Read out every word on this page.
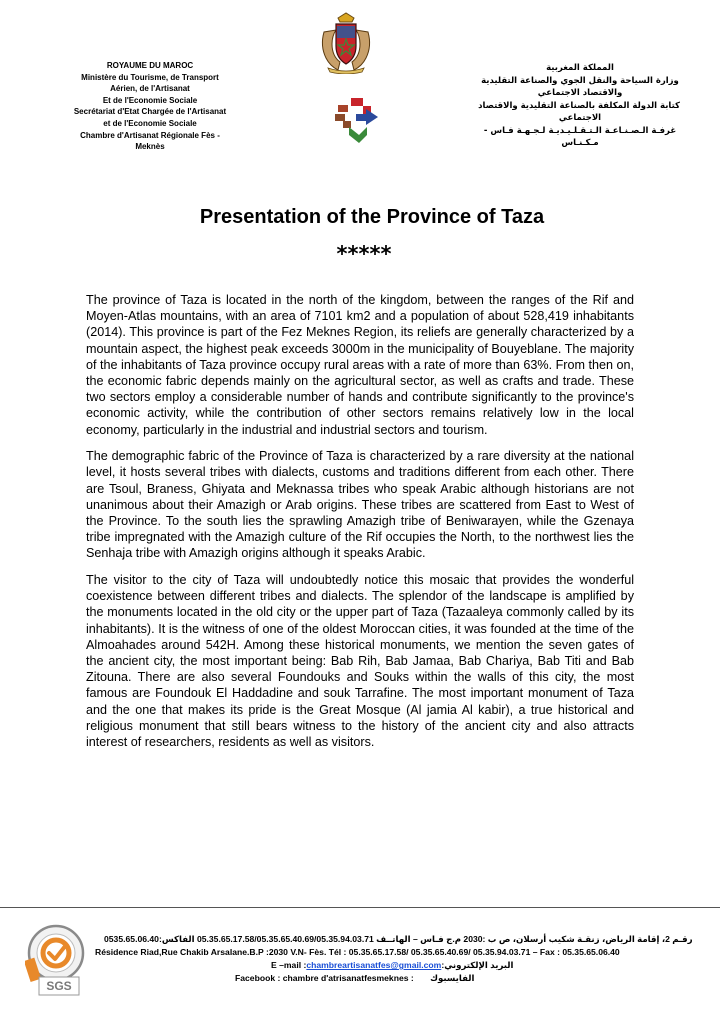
ROYAUME DU MAROC
Ministère du Tourisme, de Transport
Aérien, de l'Artisanat
Et de l'Economie Sociale
Secrétariat d'Etat Chargée de l'Artisanat
et de l'Economie Sociale
Chambre d'Artisanat Régionale Fès -
Meknès
المملكة المغربية
وزارة السياحة والنقل الجوي والصناعة التقليدية
والاقتصاد الاجتماعي
كتابة الدولة المكلفة بالصناعة التقليدية والاقتصاد
الاجتماعي
غرفـة الـصـنـاعـة الـتـقـلـيـديـة لـجـهـة فـاس -
مـكـنـاس
Presentation of the Province of Taza
*****

The province of Taza is located in the north of the kingdom, between the ranges of the Rif and Moyen-Atlas mountains, with an area of 7101 km2 and a population of about 528,419 inhabitants (2014). This province is part of the Fez Meknes Region, its reliefs are generally characterized by a mountain aspect, the highest peak exceeds 3000m in the municipality of Bouyeblane. The majority of the inhabitants of Taza province occupy rural areas with a rate of more than 63%. From then on, the economic fabric depends mainly on the agricultural sector, as well as crafts and trade. These two sectors employ a considerable number of hands and contribute significantly to the province's economic activity, while the contribution of other sectors remains relatively low in the local economy, particularly in the industrial and industrial sectors and tourism.

The demographic fabric of the Province of Taza is characterized by a rare diversity at the national level, it hosts several tribes with dialects, customs and traditions different from each other. There are Tsoul, Braness, Ghiyata and Meknassa tribes who speak Arabic although historians are not unanimous about their Amazigh or Arab origins. These tribes are scattered from East to West of the Province. To the south lies the sprawling Amazigh tribe of Beniwarayen, while the Gzenaya tribe impregnated with the Amazigh culture of the Rif occupies the North, to the northwest lies the Senhaja tribe with Amazigh origins although it speaks Arabic.

The visitor to the city of Taza will undoubtedly notice this mosaic that provides the wonderful coexistence between different tribes and dialects. The splendor of the landscape is amplified by the monuments located in the old city or the upper part of Taza (Tazaaleya commonly called by its inhabitants). It is the witness of one of the oldest Moroccan cities, it was founded at the time of the Almoahades around 542H. Among these historical monuments, we mention the seven gates of the ancient city, the most important being: Bab Rih, Bab Jamaa, Bab Chariya, Bab Titi and Bab Zitouna. There are also several Foundouks and Souks within the walls of this city, the most famous are Foundouk El Haddadine and souk Tarrafine. The most important monument of Taza and the one that makes its pride is the Great Mosque (Al jamia Al kabir), a true historical and religious monument that still bears witness to the history of the ancient city and also attracts interest of researchers, residents as well as visitors.

SGS
رقـم 2، إقامة الرياض، زنقـة شكيب أرسلان، ص ب :2030 م.ج فـاس – الهاتــف 05.35.65.17.58/05.35.65.40.69/05.35.94.03.71 الفاكس:0535.65.06.40
Résidence Riad,Rue Chakib Arsalane.B.P :2030 V.N- Fès. Tél : 05.35.65.17.58/ 05.35.65.40.69/ 05.35.94.03.71 – Fax : 05.35.65.06.40
E –mail :chambreartisanatfes@gmail.com:البريد الإلكتروني
Facebook : chambre d'atrisanatfesmeknes : الفايسبوك
